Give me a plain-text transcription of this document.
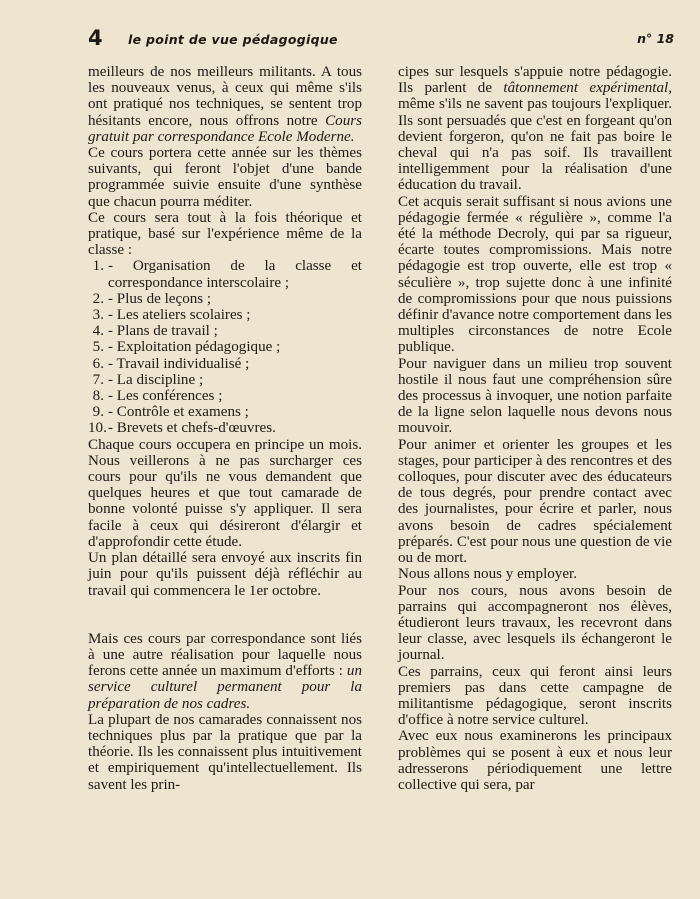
4 le point de vue pédagogique	n° 18

meilleurs de nos meilleurs militants. A tous les nouveaux venus, à ceux qui même s'ils ont pratiqué nos techniques, se sentent trop hésitants encore, nous offrons notre Cours gratuit par correspondance Ecole Moderne.

Ce cours portera cette année sur les thèmes suivants, qui feront l'objet d'une bande programmée suivie ensuite d'une synthèse que chacun pourra méditer.

Ce cours sera tout à la fois théorique et pratique, basé sur l'expérience même de la classe :

1. - Organisation de la classe et correspondance interscolaire ;
2. - Plus de leçons ;
3. - Les ateliers scolaires ;
4. - Plans de travail ;
5. - Exploitation pédagogique ;
6. - Travail individualisé ;
7. - La discipline ;
8. - Les conférences ;
9. - Contrôle et examens ;
10. - Brevets et chefs-d'œuvres.

Chaque cours occupera en principe un mois. Nous veillerons à ne pas surcharger ces cours pour qu'ils ne vous demandent que quelques heures et que tout camarade de bonne volonté puisse s'y appliquer. Il sera facile à ceux qui désireront d'élargir et d'approfondir cette étude.

Un plan détaillé sera envoyé aux inscrits fin juin pour qu'ils puissent déjà réfléchir au travail qui commencera le 1er octobre.

Mais ces cours par correspondance sont liés à une autre réalisation pour laquelle nous ferons cette année un maximum d'efforts : un service culturel permanent pour la préparation de nos cadres.

La plupart de nos camarades connaissent nos techniques plus par la pratique que par la théorie. Ils les connaissent plus intuitivement et empiriquement qu'intellectuellement. Ils savent les prin-

cipes sur lesquels s'appuie notre pédagogie. Ils parlent de tâtonnement expérimental, même s'ils ne savent pas toujours l'expliquer. Ils sont persuadés que c'est en forgeant qu'on devient forgeron, qu'on ne fait pas boire le cheval qui n'a pas soif. Ils travaillent intelligemment pour la réalisation d'une éducation du travail.

Cet acquis serait suffisant si nous avions une pédagogie fermée « régulière », comme l'a été la méthode Decroly, qui par sa rigueur, écarte toutes compromissions. Mais notre pédagogie est trop ouverte, elle est trop « séculière », trop sujette donc à une infinité de compromissions pour que nous puissions définir d'avance notre comportement dans les multiples circonstances de notre Ecole publique.

Pour naviguer dans un milieu trop souvent hostile il nous faut une compréhension sûre des processus à invoquer, une notion parfaite de la ligne selon laquelle nous devons nous mouvoir.

Pour animer et orienter les groupes et les stages, pour participer à des rencontres et des colloques, pour discuter avec des éducateurs de tous degrés, pour prendre contact avec des journalistes, pour écrire et parler, nous avons besoin de cadres spécialement préparés. C'est pour nous une question de vie ou de mort.

Nous allons nous y employer.

Pour nos cours, nous avons besoin de parrains qui accompagneront nos élèves, étudieront leurs travaux, les recevront dans leur classe, avec lesquels ils échangeront le journal.

Ces parrains, ceux qui feront ainsi leurs premiers pas dans cette campagne de militantisme pédagogique, seront inscrits d'office à notre service culturel.

Avec eux nous examinerons les principaux problèmes qui se posent à eux et nous leur adresserons périodiquement une lettre collective qui sera, par
